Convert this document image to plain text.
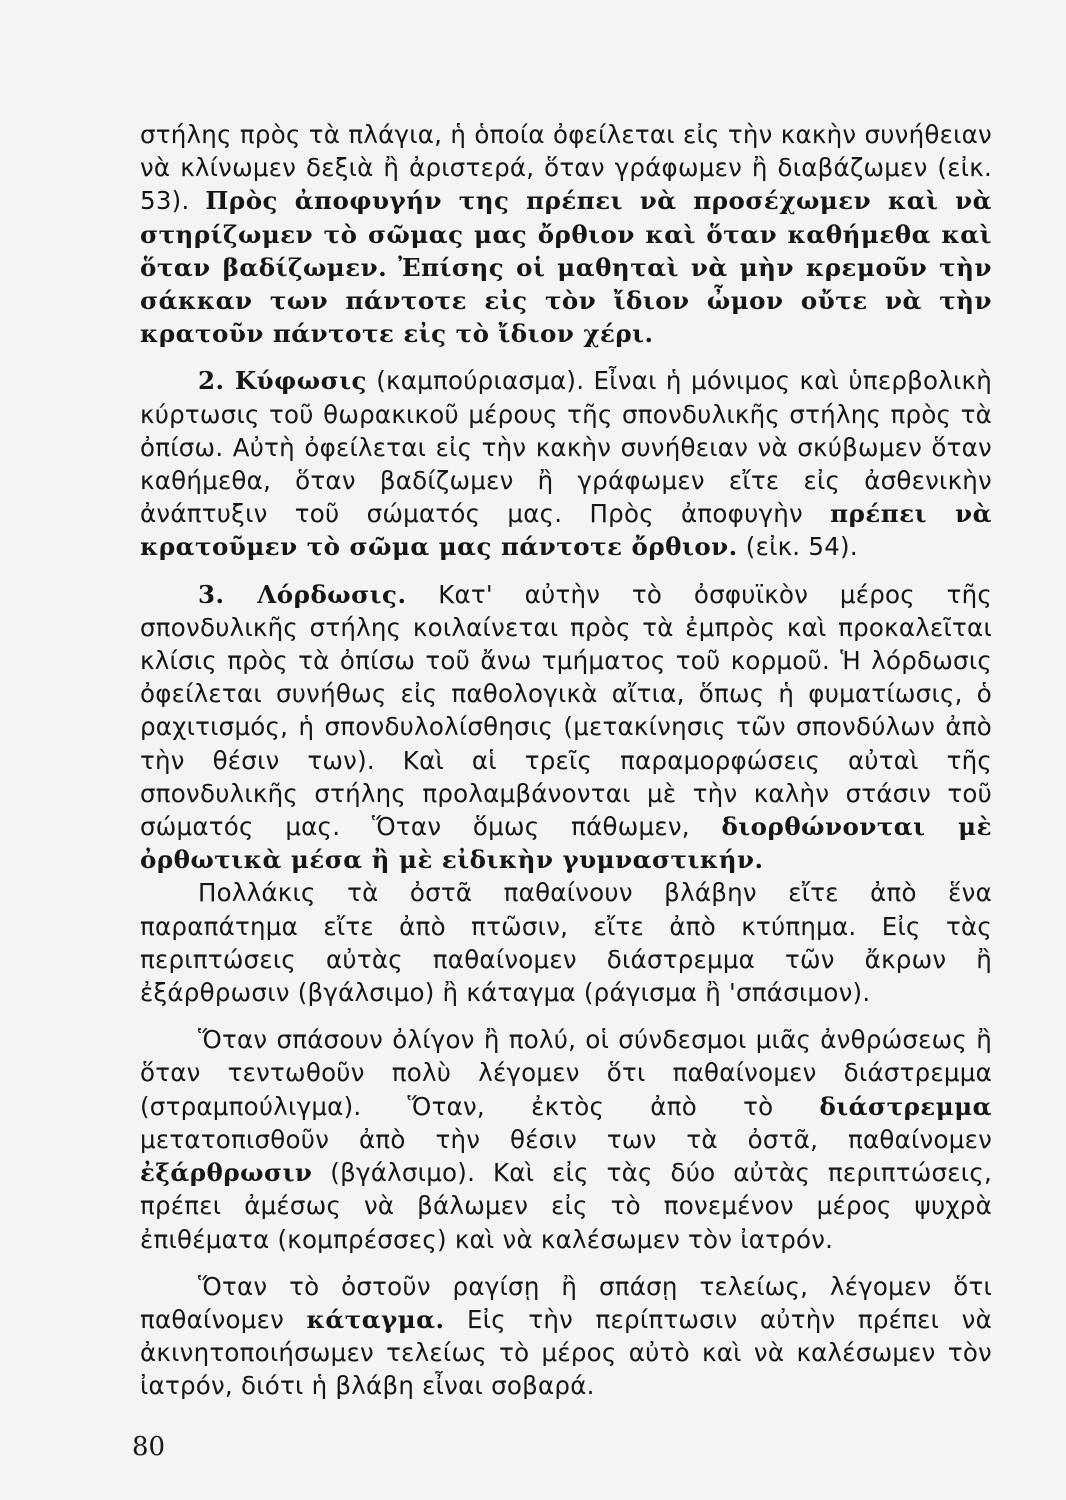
στήλης πρὸς τὰ πλάγια, ἡ ὁποία ὀφείλεται εἰς τὴν κακὴν συνήθειαν νὰ κλίνωμεν δεξιὰ ἢ ἀριστερά, ὅταν γράφωμεν ἢ διαβάζωμεν (εἰκ. 53). Πρὸς ἀποφυγήν της πρέπει νὰ προσέχωμεν καὶ νὰ στηρίζωμεν τὸ σῶμας μας ὄρθιον καὶ ὅταν καθήμεθα καὶ ὅταν βαδίζωμεν. Ἐπίσης οἱ μαθηταὶ νὰ μὴν κρεμοῦν τὴν σάκκαν των πάντοτε εἰς τὸν ἴδιον ὦμον οὔτε νὰ τὴν κρατοῦν πάντοτε εἰς τὸ ἴδιον χέρι.

2. Κύφωσις (καμπούριασμα). Εἶναι ἡ μόνιμος καὶ ὑπερβολικὴ κύρτωσις τοῦ θωρακικοῦ μέρους τῆς σπονδυλικῆς στήλης πρὸς τὰ ὀπίσω. Αὐτὴ ὀφείλεται εἰς τὴν κακὴν συνήθειαν νὰ σκύβωμεν ὅταν καθήμεθα, ὅταν βαδίζωμεν ἢ γράφωμεν εἴτε εἰς ἀσθενικὴν ἀνάπτυξιν τοῦ σώματός μας. Πρὸς ἀποφυγὴν πρέπει νὰ κρατοῦμεν τὸ σῶμα μας πάντοτε ὄρθιον. (εἰκ. 54).

3. Λόρδωσις. Κατ' αὐτὴν τὸ ὀσφυϊκὸν μέρος τῆς σπονδυλικῆς στήλης κοιλαίνεται πρὸς τὰ ἐμπρὸς καὶ προκαλεῖται κλίσις πρὸς τὰ ὀπίσω τοῦ ἄνω τμήματος τοῦ κορμοῦ. Ἡ λόρδωσις ὀφείλεται συνήθως εἰς παθολογικὰ αἴτια, ὅπως ἡ φυματίωσις, ὁ ραχιτισμός, ἡ σπονδυλολίσθησις (μετακίνησις τῶν σπονδύλων ἀπὸ τὴν θέσιν των). Καὶ αἱ τρεῖς παραμορφώσεις αὐταὶ τῆς σπονδυλικῆς στήλης προλαμβάνονται μὲ τὴν καλὴν στάσιν τοῦ σώματός μας. Ὅταν ὅμως πάθωμεν, διορθώνονται μὲ ὀρθωτικὰ μέσα ἢ μὲ εἰδικὴν γυμναστικήν.

Πολλάκις τὰ ὀστᾶ παθαίνουν βλάβην εἴτε ἀπὸ ἕνα παραπάτημα εἴτε ἀπὸ πτῶσιν, εἴτε ἀπὸ κτύπημα. Εἰς τὰς περιπτώσεις αὐτὰς παθαίνομεν διάστρεμμα τῶν ἄκρων ἢ ἐξάρθρωσιν (βγάλσιμο) ἢ κάταγμα (ράγισμα ἢ 'σπάσιμον).

Ὅταν σπάσουν ὀλίγον ἢ πολύ, οἱ σύνδεσμοι μιᾶς ἀνθρώσεως ἢ ὅταν τεντωθοῦν πολὺ λέγομεν ὅτι παθαίνομεν διάστρεμμα (στραμπούλιγμα). Ὅταν, ἐκτὸς ἀπὸ τὸ διάστρεμμα μετατοπισθοῦν ἀπὸ τὴν θέσιν των τὰ ὀστᾶ, παθαίνομεν ἐξάρθρωσιν (βγάλσιμο). Καὶ εἰς τὰς δύο αὐτὰς περιπτώσεις, πρέπει ἀμέσως νὰ βάλωμεν εἰς τὸ πονεμένον μέρος ψυχρὰ ἐπιθέματα (κομπρέσσες) καὶ νὰ καλέσωμεν τὸν ἰατρόν.

Ὅταν τὸ ὀστοῦν ραγίσῃ ἢ σπάσῃ τελείως, λέγομεν ὅτι παθαίνομεν κάταγμα. Εἰς τὴν περίπτωσιν αὐτὴν πρέπει νὰ ἀκινητοποιήσωμεν τελείως τὸ μέρος αὐτὸ καὶ νὰ καλέσωμεν τὸν ἰατρόν, διότι ἡ βλάβη εἶναι σοβαρά.

80
